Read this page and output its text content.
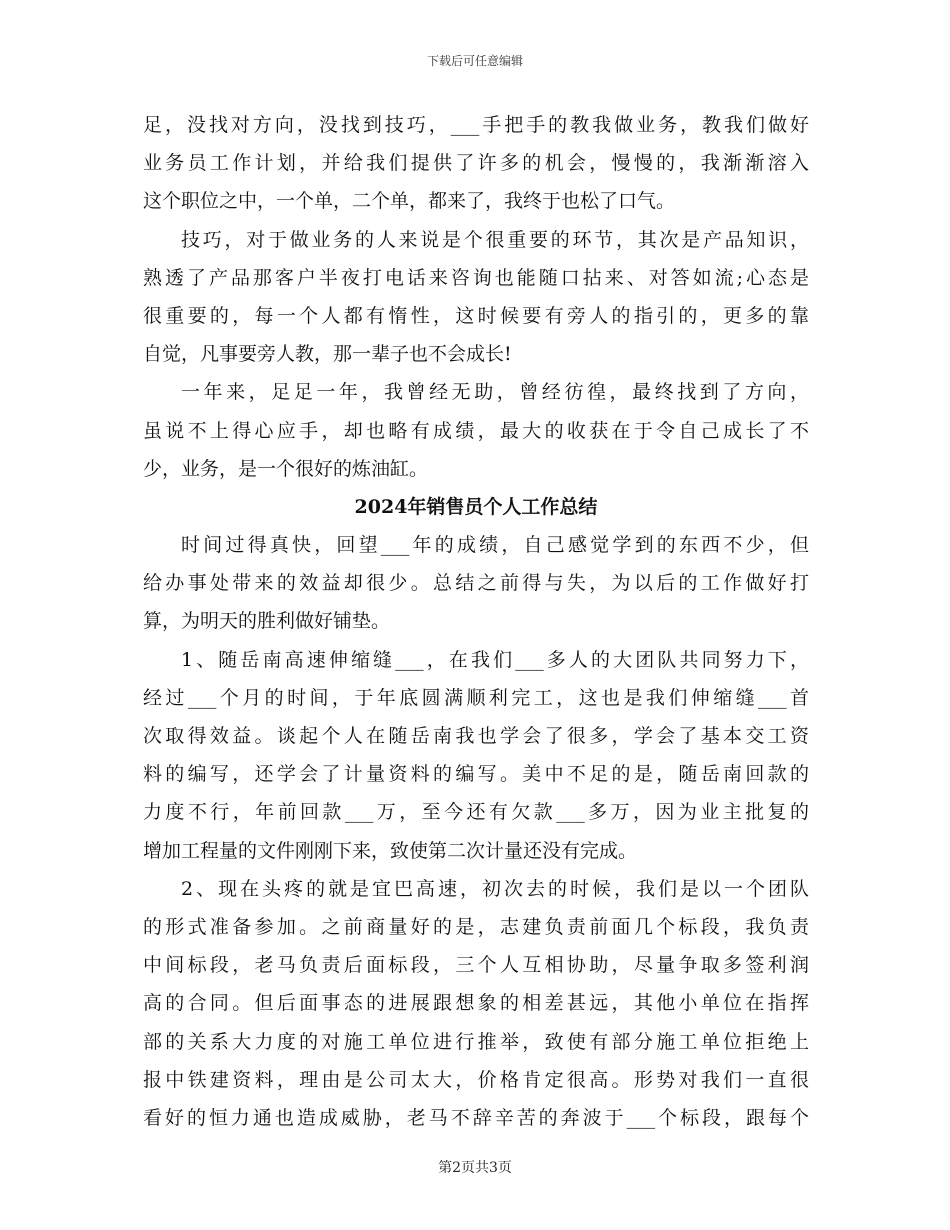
下载后可任意编辑
足，没找对方向，没找到技巧，___手把手的教我做业务，教我们做好
业务员工作计划，并给我们提供了许多的机会，慢慢的，我渐渐溶入
这个职位之中，一个单，二个单，都来了，我终于也松了口气。
技巧，对于做业务的人来说是个很重要的环节，其次是产品知识，
熟透了产品那客户半夜打电话来咨询也能随口拈来、对答如流;心态是
很重要的，每一个人都有惰性，这时候要有旁人的指引的，更多的靠
自觉，凡事要旁人教，那一辈子也不会成长!
一年来，足足一年，我曾经无助，曾经彷徨，最终找到了方向，
虽说不上得心应手，却也略有成绩，最大的收获在于令自己成长了不
少，业务，是一个很好的炼油缸。
2024年销售员个人工作总结
时间过得真快，回望___年的成绩，自己感觉学到的东西不少，但
给办事处带来的效益却很少。总结之前得与失，为以后的工作做好打
算，为明天的胜利做好铺垫。
1、随岳南高速伸缩缝___，在我们___多人的大团队共同努力下，
经过___个月的时间，于年底圆满顺利完工，这也是我们伸缩缝___首
次取得效益。谈起个人在随岳南我也学会了很多，学会了基本交工资
料的编写，还学会了计量资料的编写。美中不足的是，随岳南回款的
力度不行，年前回款___万，至今还有欠款___多万，因为业主批复的
增加工程量的文件刚刚下来，致使第二次计量还没有完成。
2、现在头疼的就是宜巴高速，初次去的时候，我们是以一个团队
的形式准备参加。之前商量好的是，志建负责前面几个标段，我负责
中间标段，老马负责后面标段，三个人互相协助，尽量争取多签利润
高的合同。但后面事态的进展跟想象的相差甚远，其他小单位在指挥
部的关系大力度的对施工单位进行推举，致使有部分施工单位拒绝上
报中铁建资料，理由是公司太大，价格肯定很高。形势对我们一直很
看好的恒力通也造成威胁，老马不辞辛苦的奔波于___个标段，跟每个
第2页共3页
